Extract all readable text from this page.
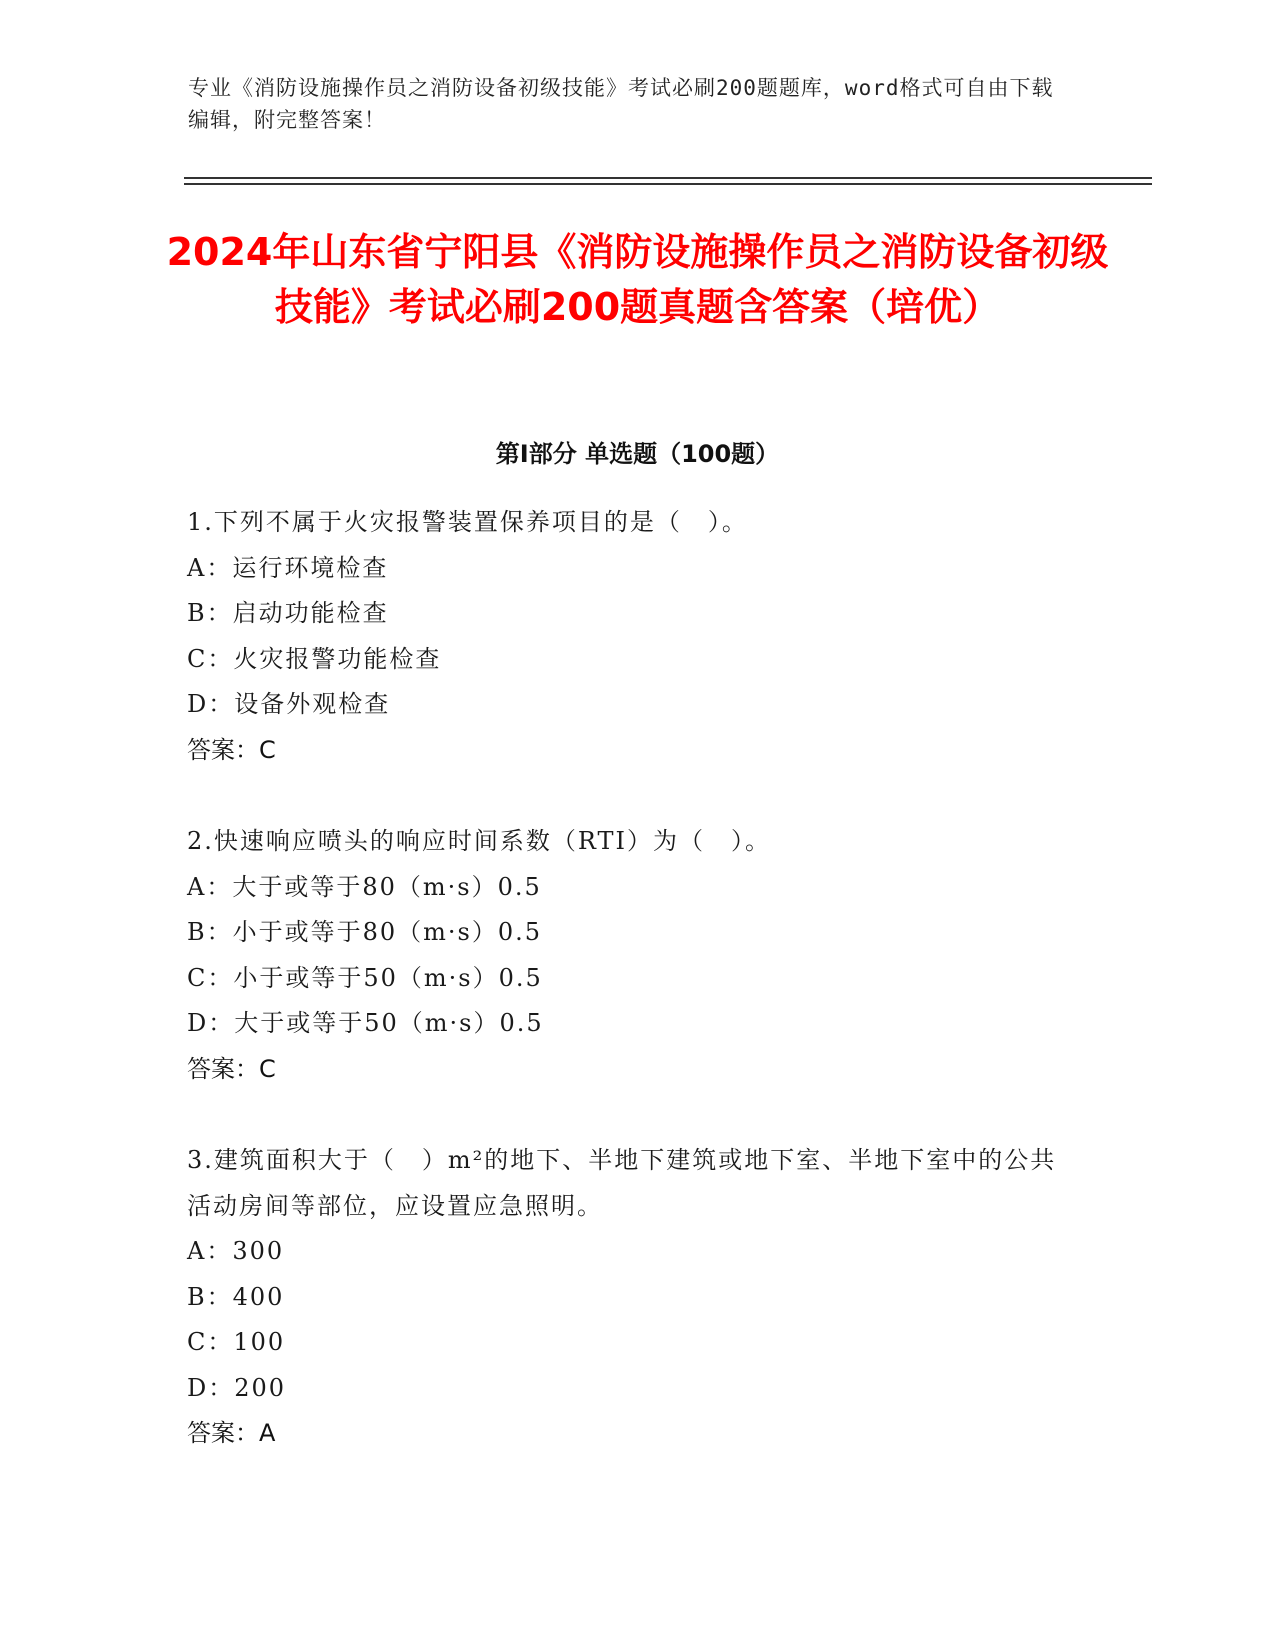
专业《消防设施操作员之消防设备初级技能》考试必刷200题题库，word格式可自由下载编辑，附完整答案！
2024年山东省宁阳县《消防设施操作员之消防设备初级技能》考试必刷200题真题含答案（培优）
第I部分 单选题（100题）
1.下列不属于火灾报警装置保养项目的是（　）。
A：运行环境检查
B：启动功能检查
C：火灾报警功能检查
D：设备外观检查
答案：C
2.快速响应喷头的响应时间系数（RTI）为（　）。
A：大于或等于80（m·s）0.5
B：小于或等于80（m·s）0.5
C：小于或等于50（m·s）0.5
D：大于或等于50（m·s）0.5
答案：C
3.建筑面积大于（　）m²的地下、半地下建筑或地下室、半地下室中的公共活动房间等部位，应设置应急照明。
A：300
B：400
C：100
D：200
答案：A
